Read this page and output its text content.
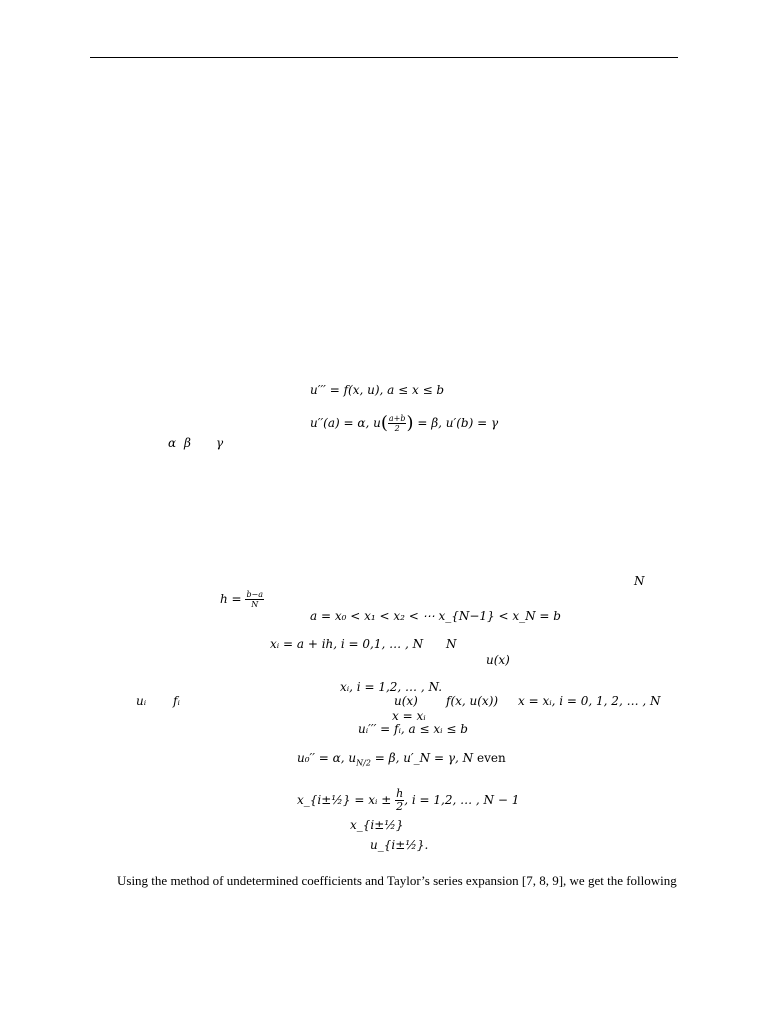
u′′′ = f(x, u), a ≤ x ≤ b
u′′(a) = α, $u( \frac{a+b}{2}$ ) = β, u′(b) = γ
α β γ
N
$h = \frac{b-a}{N}$
a = x₀ < x₁ < x₂ < ⋯ x_{N−1} < x_N = b
xᵢ = a + ih, i = 0,1, … , N N
u(x)
xᵢ, i = 1,2, … , N.
uᵢ fᵢ	u(x) f(x, u(x)) x = xᵢ, i = 0, 1, 2, … , N
x = xᵢ
uᵢ′′′ = fᵢ, a ≤ xᵢ ≤ b
u₀′′ = α, $u_{N/2} = \beta$, u′_N = γ, N even
x_{i±½} = xᵢ ± $\frac{h}{2}$ , i = 1,2, … , N − 1
x_{i±½}
u_{i±½}.
Using the method of undetermined coefficients and Taylor’s series expansion [7, 8, 9], we get the following
